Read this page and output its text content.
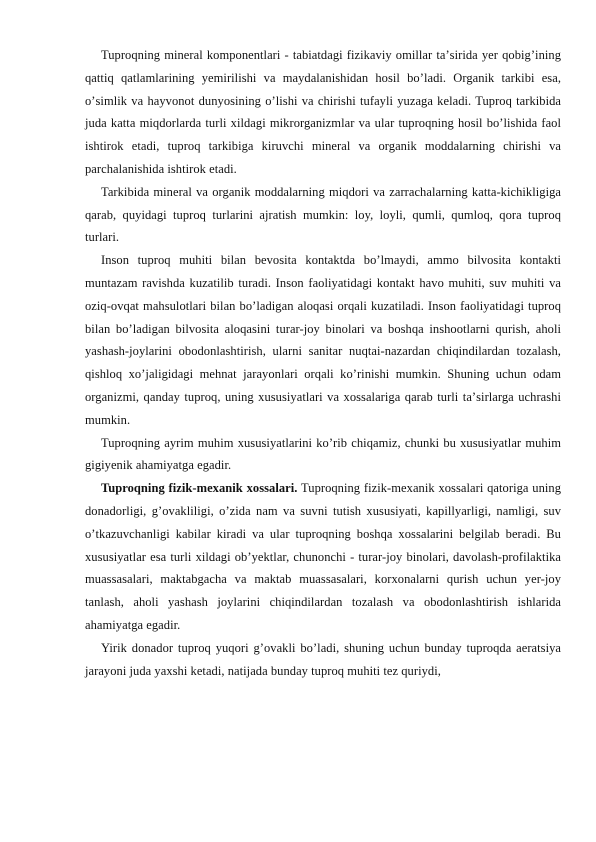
Tuproqning mineral komponentlari - tabiatdagi fizikaviy omillar taʼsirida yer qobigʼining qattiq qatlamlarining yemirilishi va maydalanishidan hosil boʼladi. Organik tarkibi esa, oʼsimlik va hayvonot dunyosining oʼlishi va chirishi tufayli yuzaga keladi. Tuproq tarkibida juda katta miqdorlarda turli xildagi mikrorganizmlar va ular tuproqning hosil boʼlishida faol ishtirok etadi, tuproq tarkibiga kiruvchi mineral va organik moddalarning chirishi va parchalanishida ishtirok etadi.

Tarkibida mineral va organik moddalarning miqdori va zarrachalarning katta-kichikligiga qarab, quyidagi tuproq turlarini ajratish mumkin: loy, loyli, qumli, qumloq, qora tuproq turlari.

Inson tuproq muhiti bilan bevosita kontaktda boʼlmaydi, ammo bilvosita kontakti muntazam ravishda kuzatilib turadi. Inson faoliyatidagi kontakt havo muhiti, suv muhiti va oziq-ovqat mahsulotlari bilan boʼladigan aloqasi orqali kuzatiladi. Inson faoliyatidagi tuproq bilan boʼladigan bilvosita aloqasini turar-joy binolari va boshqa inshootlarni qurish, aholi yashash-joylarini obodonlashtirish, ularni sanitar nuqtai-nazardan chiqindilardan tozalash, qishloq xoʼjaligidagi mehnat jarayonlari orqali koʼrinishi mumkin. Shuning uchun odam organizmi, qanday tuproq, uning xususiyatlari va xossalariga qarab turli taʼsirlarga uchrashi mumkin.

Tuproqning ayrim muhim xususiyatlarini koʼrib chiqamiz, chunki bu xususiyatlar muhim gigiyenik ahamiyatga egadir.

Tuproqning fizik-mexanik xossalari. Tuproqning fizik-mexanik xossalari qatoriga uning donadorligi, gʼovakliligi, oʼzida nam va suvni tutish xususiyati, kapillyarligi, namligi, suv oʼtkazuvchanligi kabilar kiradi va ular tuproqning boshqa xossalarini belgilab beradi. Bu xususiyatlar esa turli xildagi obʼyektlar, chunonchi - turar-joy binolari, davolash-profilaktika muassasalari, maktabgacha va maktab muassasalari, korxonalarni qurish uchun yer-joy tanlash, aholi yashash joylarini chiqindilardan tozalash va obodonlashtirish ishlarida ahamiyatga egadir.

Yirik donador tuproq yuqori gʼovakli boʼladi, shuning uchun bunday tuproqda aeratsiya jarayoni juda yaxshi ketadi, natijada bunday tuproq muhiti tez quriydi,
